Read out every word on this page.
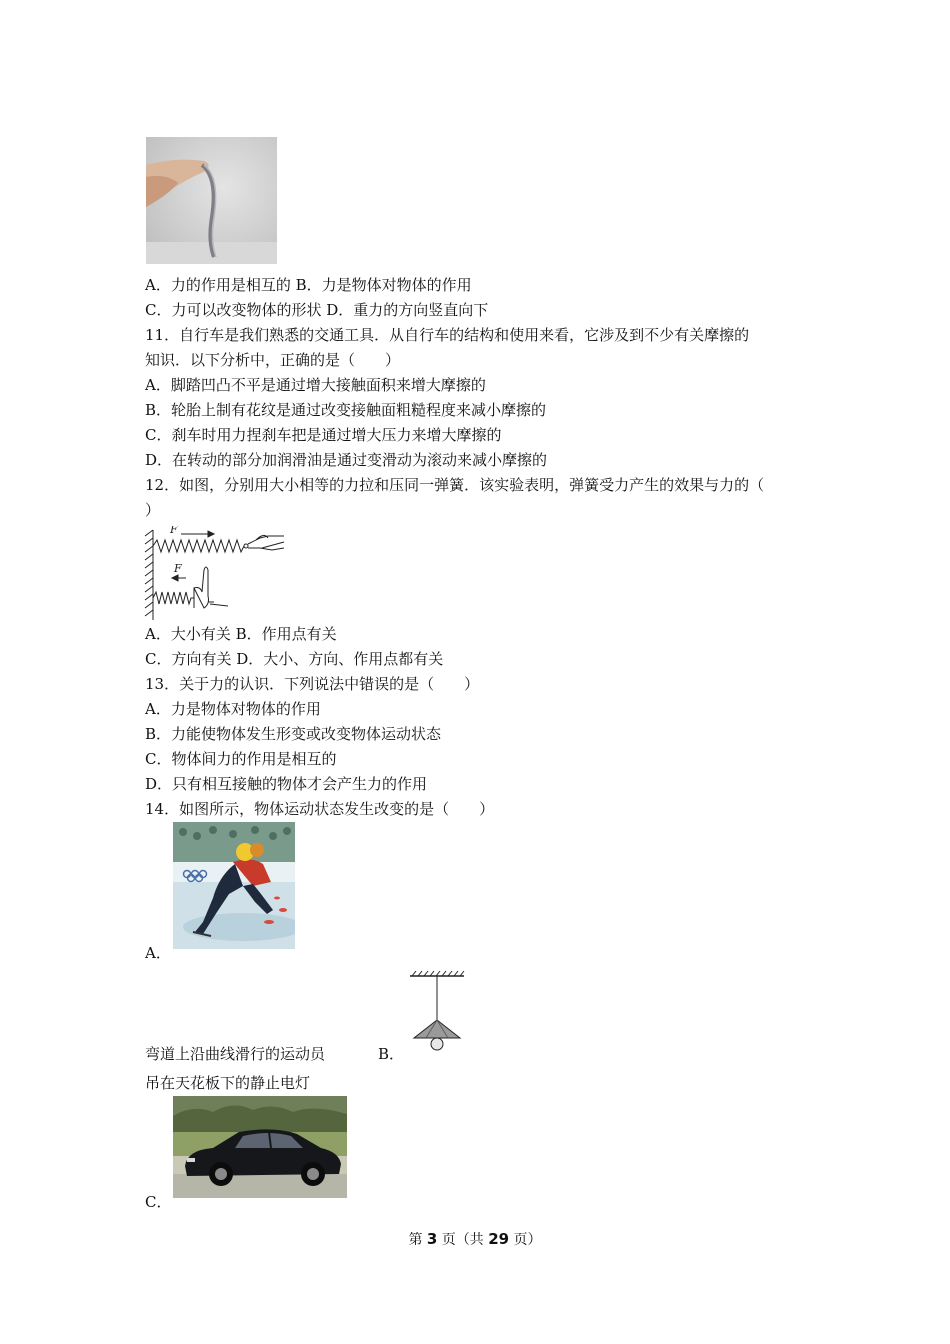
A．力的作用是相互的 B．力是物体对物体的作用
C．力可以改变物体的形状 D．重力的方向竖直向下
11．自行车是我们熟悉的交通工具．从自行车的结构和使用来看，它涉及到不少有关摩擦的
知识．以下分析中，正确的是（　　）
A．脚踏凹凸不平是通过增大接触面积来增大摩擦的
B．轮胎上制有花纹是通过改变接触面粗糙程度来减小摩擦的
C．刹车时用力捏刹车把是通过增大压力来增大摩擦的
D．在转动的部分加润滑油是通过变滑动为滚动来减小摩擦的
12．如图，分别用大小相等的力拉和压同一弹簧．该实验表明，弹簧受力产生的效果与力的（
）
F
F
A．大小有关 B．作用点有关
C．方向有关 D．大小、方向、作用点都有关
13．关于力的认识．下列说法中错误的是（　　）
A．力是物体对物体的作用
B．力能使物体发生形变或改变物体运动状态
C．物体间力的作用是相互的
D．只有相互接触的物体才会产生力的作用
14．如图所示，物体运动状态发生改变的是（　　）
A．
弯道上沿曲线滑行的运动员	B．
吊在天花板下的静止电灯
C．
第 3 页（共 29 页）
